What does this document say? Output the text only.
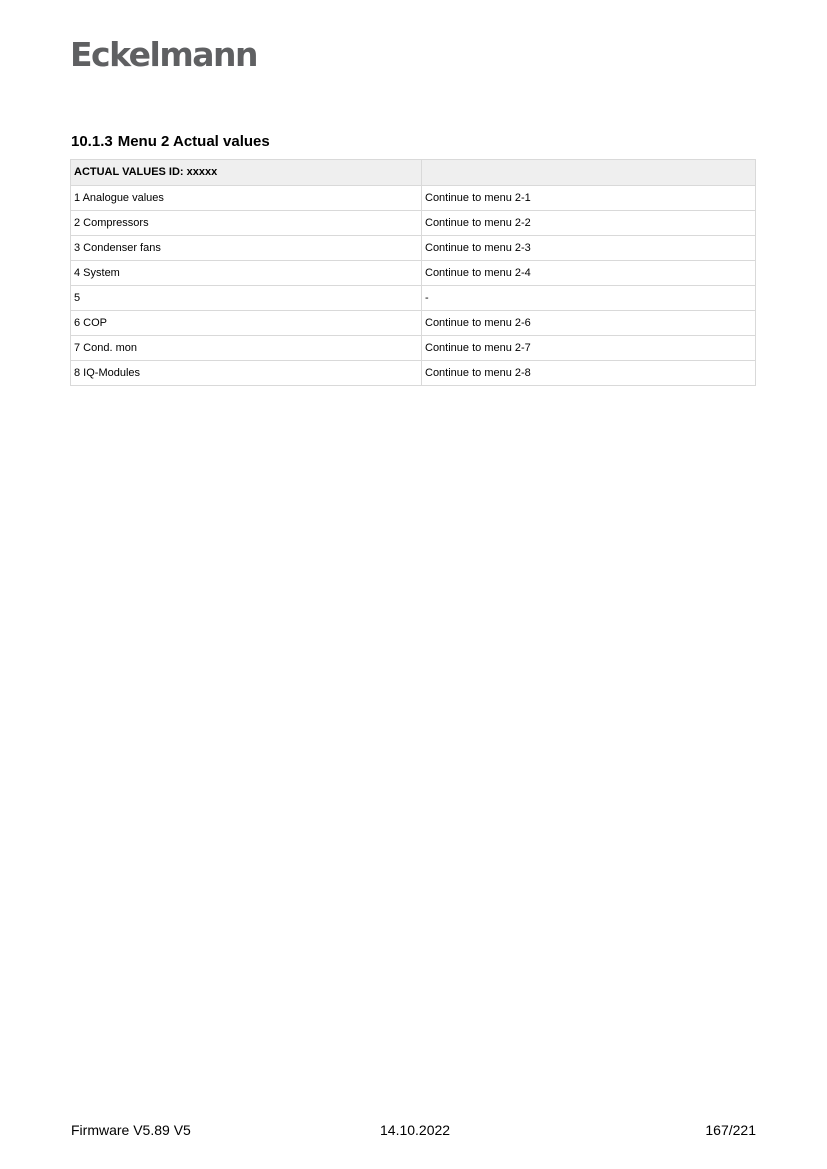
Eckelmann
10.1.3 Menu 2 Actual values
ACTUAL VALUES ID: xxxxx	
1 Analogue values	Continue to menu 2-1
2 Compressors	Continue to menu 2-2
3 Condenser fans	Continue to menu 2-3
4 System	Continue to menu 2-4
5	-
6 COP	Continue to menu 2-6
7 Cond. mon	Continue to menu 2-7
8 IQ-Modules	Continue to menu 2-8
Firmware V5.89 V5	14.10.2022	167/221
